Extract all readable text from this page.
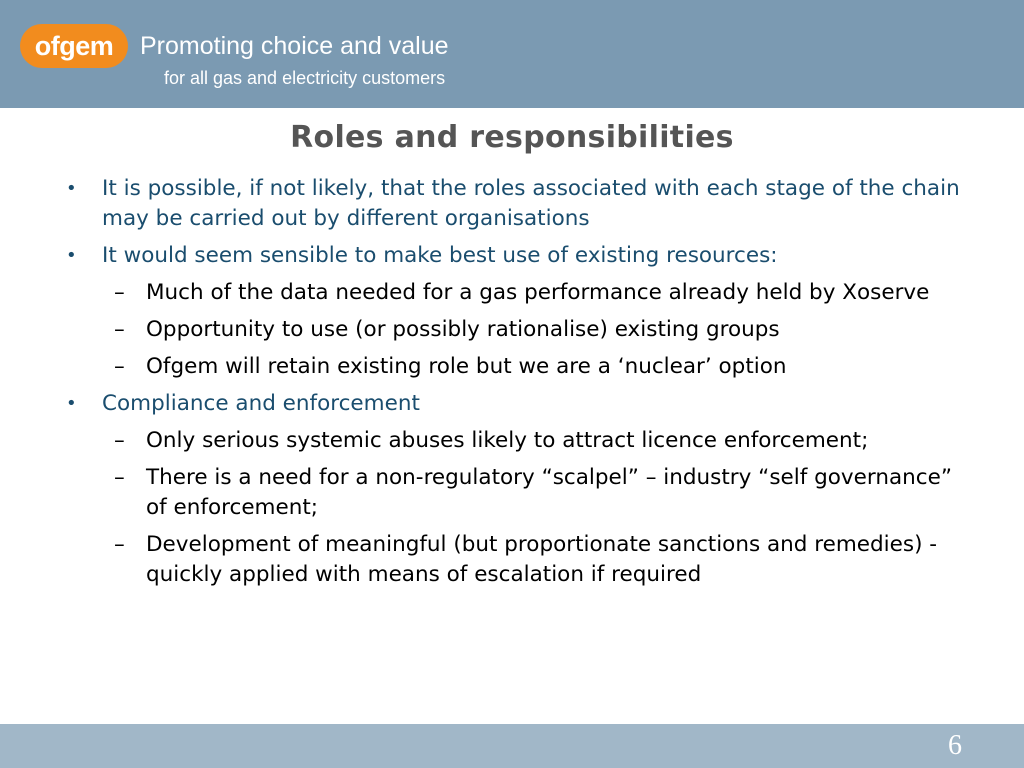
ofgem	Promoting choice and value
for all gas and electricity customers
Roles and responsibilities
• It is possible, if not likely, that the roles associated with each stage of the chain may be carried out by different organisations
• It would seem sensible to make best use of existing resources:
– Much of the data needed for a gas performance already held by Xoserve
– Opportunity to use (or possibly rationalise) existing groups
– Ofgem will retain existing role but we are a ‘nuclear’ option
• Compliance and enforcement
– Only serious systemic abuses likely to attract licence enforcement;
– There is a need for a non-regulatory “scalpel” – industry “self governance” of enforcement;
– Development of meaningful (but proportionate sanctions and remedies) - quickly applied with means of escalation if required
6
